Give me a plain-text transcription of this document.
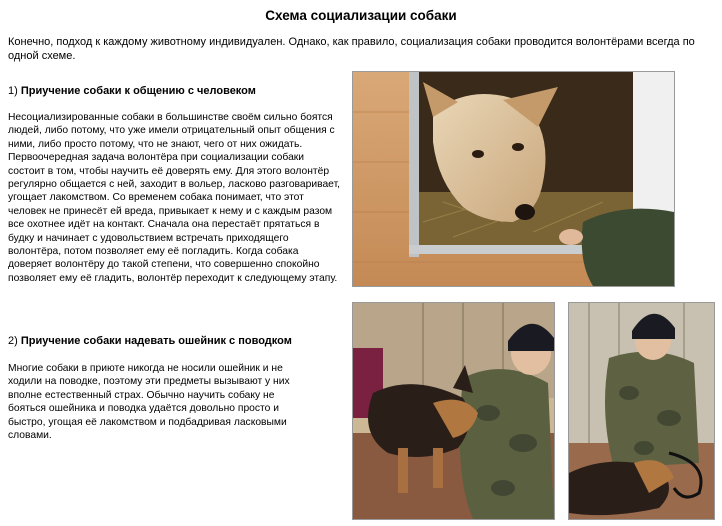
Схема социализации собаки
Конечно, подход к каждому животному индивидуален. Однако, как правило, социализация собаки проводится волонтёрами всегда по одной схеме.
1) Приучение собаки к общению с человеком
Несоциализированные собаки в большинстве своём сильно боятся людей, либо потому, что уже имели отрицательный опыт общения с ними, либо просто потому, что не знают, чего от них ожидать. Первоочередная задача волонтёра при социализации собаки состоит в том, чтобы научить её доверять ему. Для этого волонтёр регулярно общается с ней, заходит в вольер, ласково разговаривает, угощает лакомством. Со временем собака понимает, что этот человек не принесёт ей вреда, привыкает к нему и с каждым разом все охотнее идёт на контакт. Сначала она перестаёт прятаться в будку и начинает с удовольствием встречать приходящего волонтёра, потом позволяет ему её погладить. Когда собака доверяет волонтёру до такой степени, что совершенно спокойно позволяет ему её гладить, волонтёр переходит к следующему этапу.
2) Приучение собаки надевать ошейник с поводком
Многие собаки в приюте никогда не носили ошейник и не ходили на поводке, поэтому эти предметы вызывают у них вполне естественный страх. Обычно научить собаку не бояться ошейника и поводка удаётся довольно просто и быстро, угощая её лакомством и подбадривая ласковыми словами.
